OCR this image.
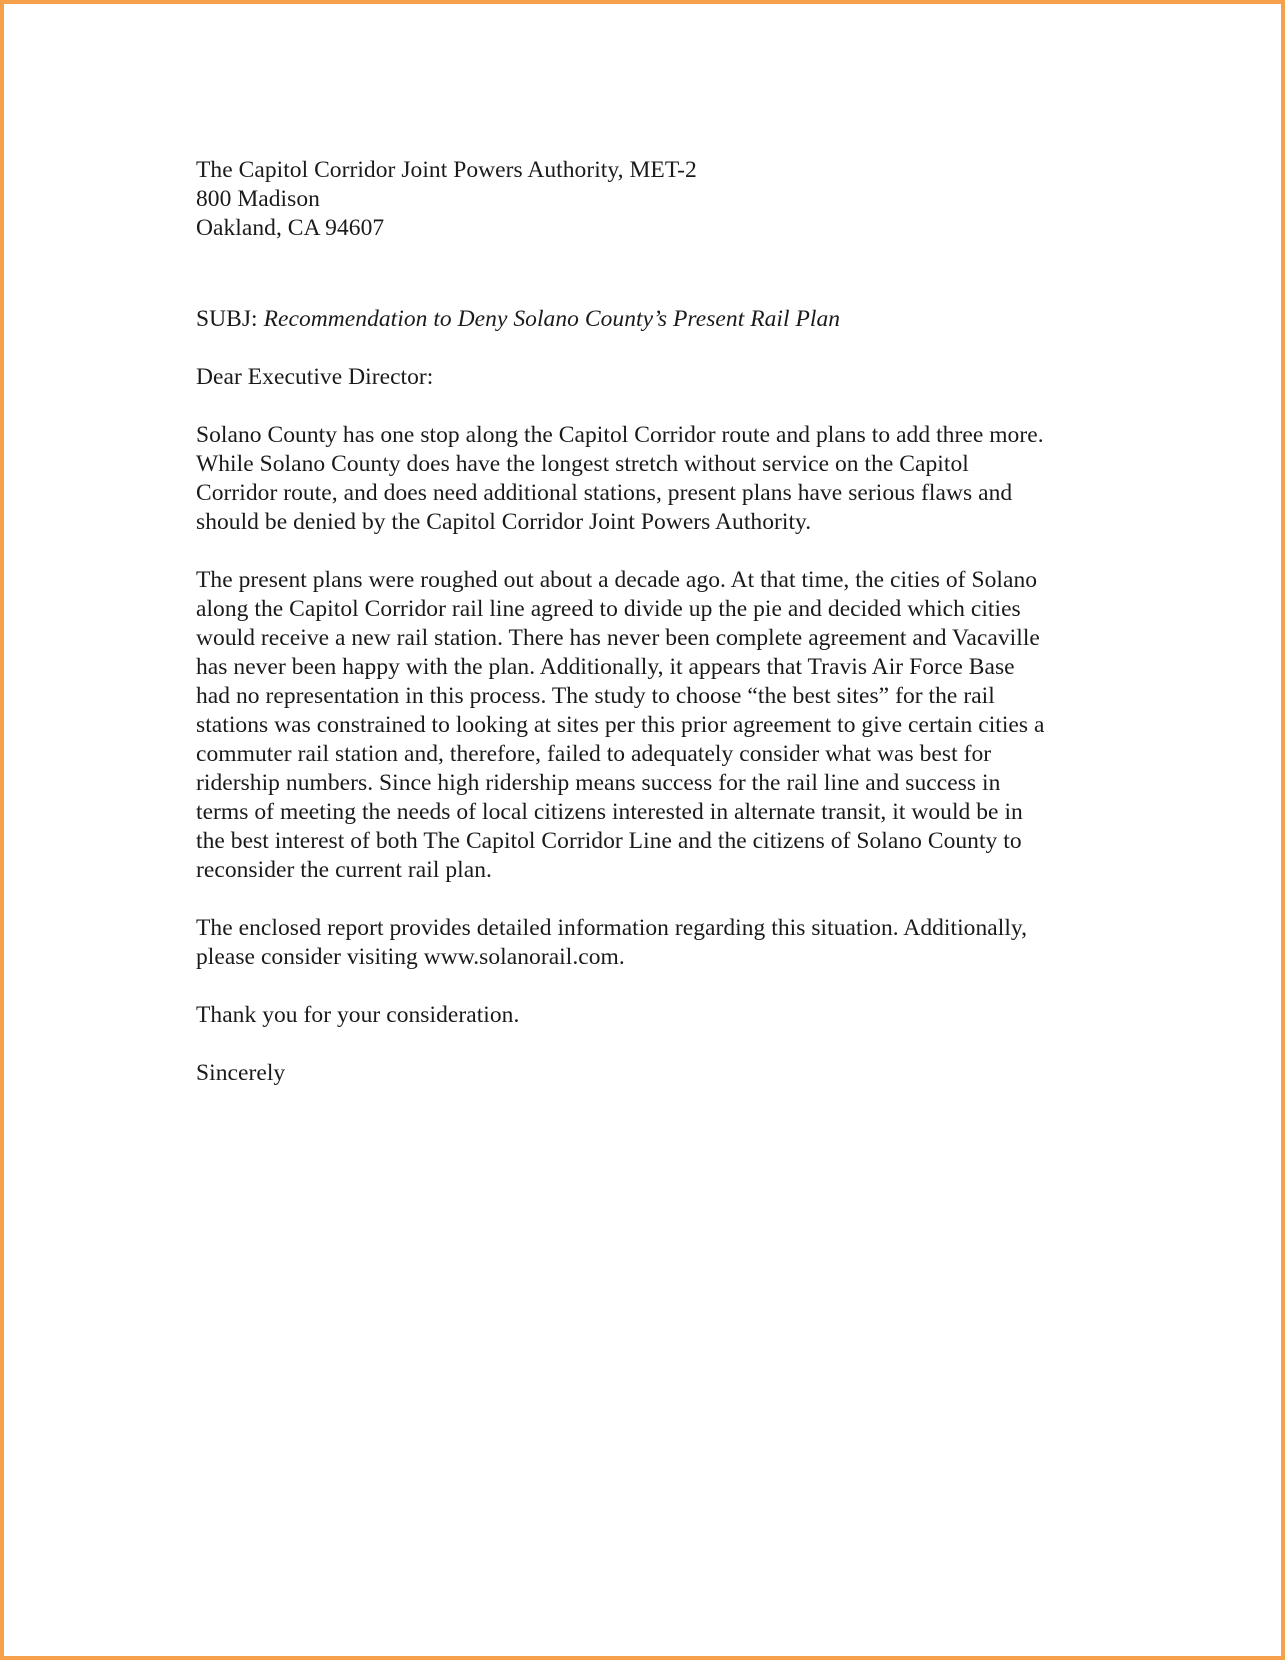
The Capitol Corridor Joint Powers Authority, MET-2
800 Madison
Oakland, CA 94607
SUBJ: Recommendation to Deny Solano County’s Present Rail Plan
Dear Executive Director:
Solano County has one stop along the Capitol Corridor route and plans to add three more.
While Solano County does have the longest stretch without service on the Capitol
Corridor route, and does need additional stations, present plans have serious flaws and
should be denied by the Capitol Corridor Joint Powers Authority.
The present plans were roughed out about a decade ago. At that time, the cities of Solano
along the Capitol Corridor rail line agreed to divide up the pie and decided which cities
would receive a new rail station. There has never been complete agreement and Vacaville
has never been happy with the plan. Additionally, it appears that Travis Air Force Base
had no representation in this process. The study to choose “the best sites” for the rail
stations was constrained to looking at sites per this prior agreement to give certain cities a
commuter rail station and, therefore, failed to adequately consider what was best for
ridership numbers. Since high ridership means success for the rail line and success in
terms of meeting the needs of local citizens interested in alternate transit, it would be in
the best interest of both The Capitol Corridor Line and the citizens of Solano County to
reconsider the current rail plan.
The enclosed report provides detailed information regarding this situation. Additionally,
please consider visiting www.solanorail.com.
Thank you for your consideration.
Sincerely
